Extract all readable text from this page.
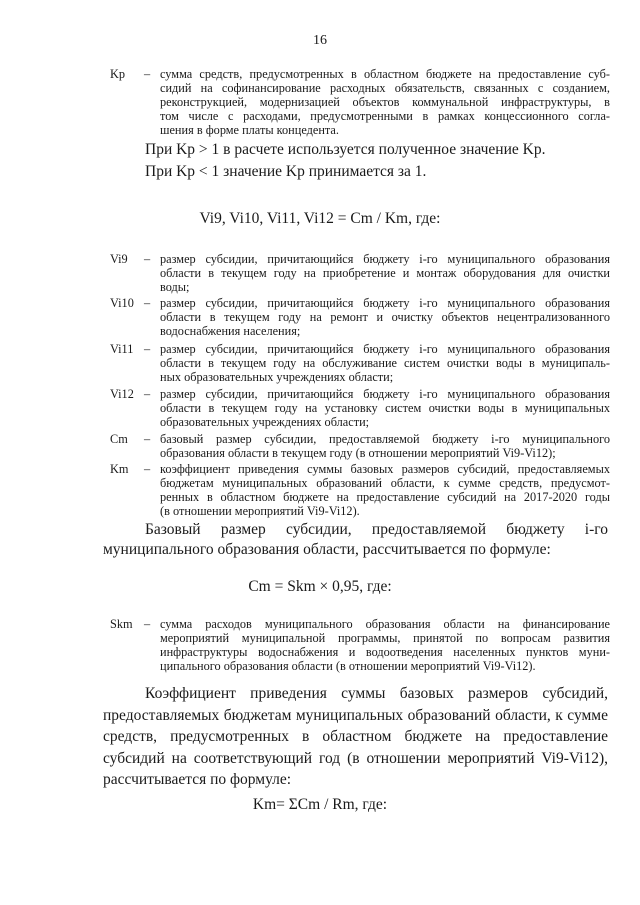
16
Kp	– сумма средств, предусмотренных в областном бюджете на предоставление суб-
сидий на софинансирование расходных обязательств, связанных с созданием,
реконструкцией, модернизацией объектов коммунальной инфраструктуры, в
том числе с расходами, предусмотренными в рамках концессионного согла-
шения в форме платы концедента.
При Kр > 1 в расчете используется полученное значение Kр.
При Kр < 1 значение Kр принимается за 1.
Vi9, Vi10, Vi11, Vi12 = Cm / Km, где:
Vi9	– размер субсидии, причитающийся бюджету i-го муниципального образования
области в текущем году на приобретение и монтаж оборудования для очистки
воды;
Vi10 – размер субсидии, причитающийся бюджету i-го муниципального образования
области в текущем году на ремонт и очистку объектов нецентрализованного
водоснабжения населения;
Vi11 – размер субсидии, причитающийся бюджету i-го муниципального образования
области в текущем году на обслуживание систем очистки воды в муниципаль-
ных образовательных учреждениях области;
Vi12 – размер субсидии, причитающийся бюджету i-го муниципального образования
области в текущем году на установку систем очистки воды в муниципальных
образовательных учреждениях области;
Cm	– базовый размер субсидии, предоставляемой бюджету i-го муниципального
образования области в текущем году (в отношении мероприятий Vi9-Vi12);
Km	– коэффициент приведения суммы базовых размеров субсидий, предоставляемых
бюджетам муниципальных образований области, к сумме средств, предусмот-
ренных в областном бюджете на предоставление субсидий на 2017-2020 годы
(в отношении мероприятий Vi9-Vi12).
Базовый размер субсидии, предоставляемой бюджету i-го
муниципального образования области, рассчитывается по формуле:
Cm = Skm × 0,95, где:
Skm – сумма расходов муниципального образования области на финансирование
мероприятий муниципальной программы, принятой по вопросам развития
инфраструктуры водоснабжения и водоотведения населенных пунктов муни-
ципального образования области (в отношении мероприятий Vi9-Vi12).
Коэффициент приведения суммы базовых размеров субсидий,
предоставляемых бюджетам муниципальных образований области, к сумме
средств, предусмотренных в областном бюджете на предоставление
субсидий на соответствующий год (в отношении мероприятий Vi9-Vi12),
рассчитывается по формуле:
Km= ΣCm / Rm, где:
